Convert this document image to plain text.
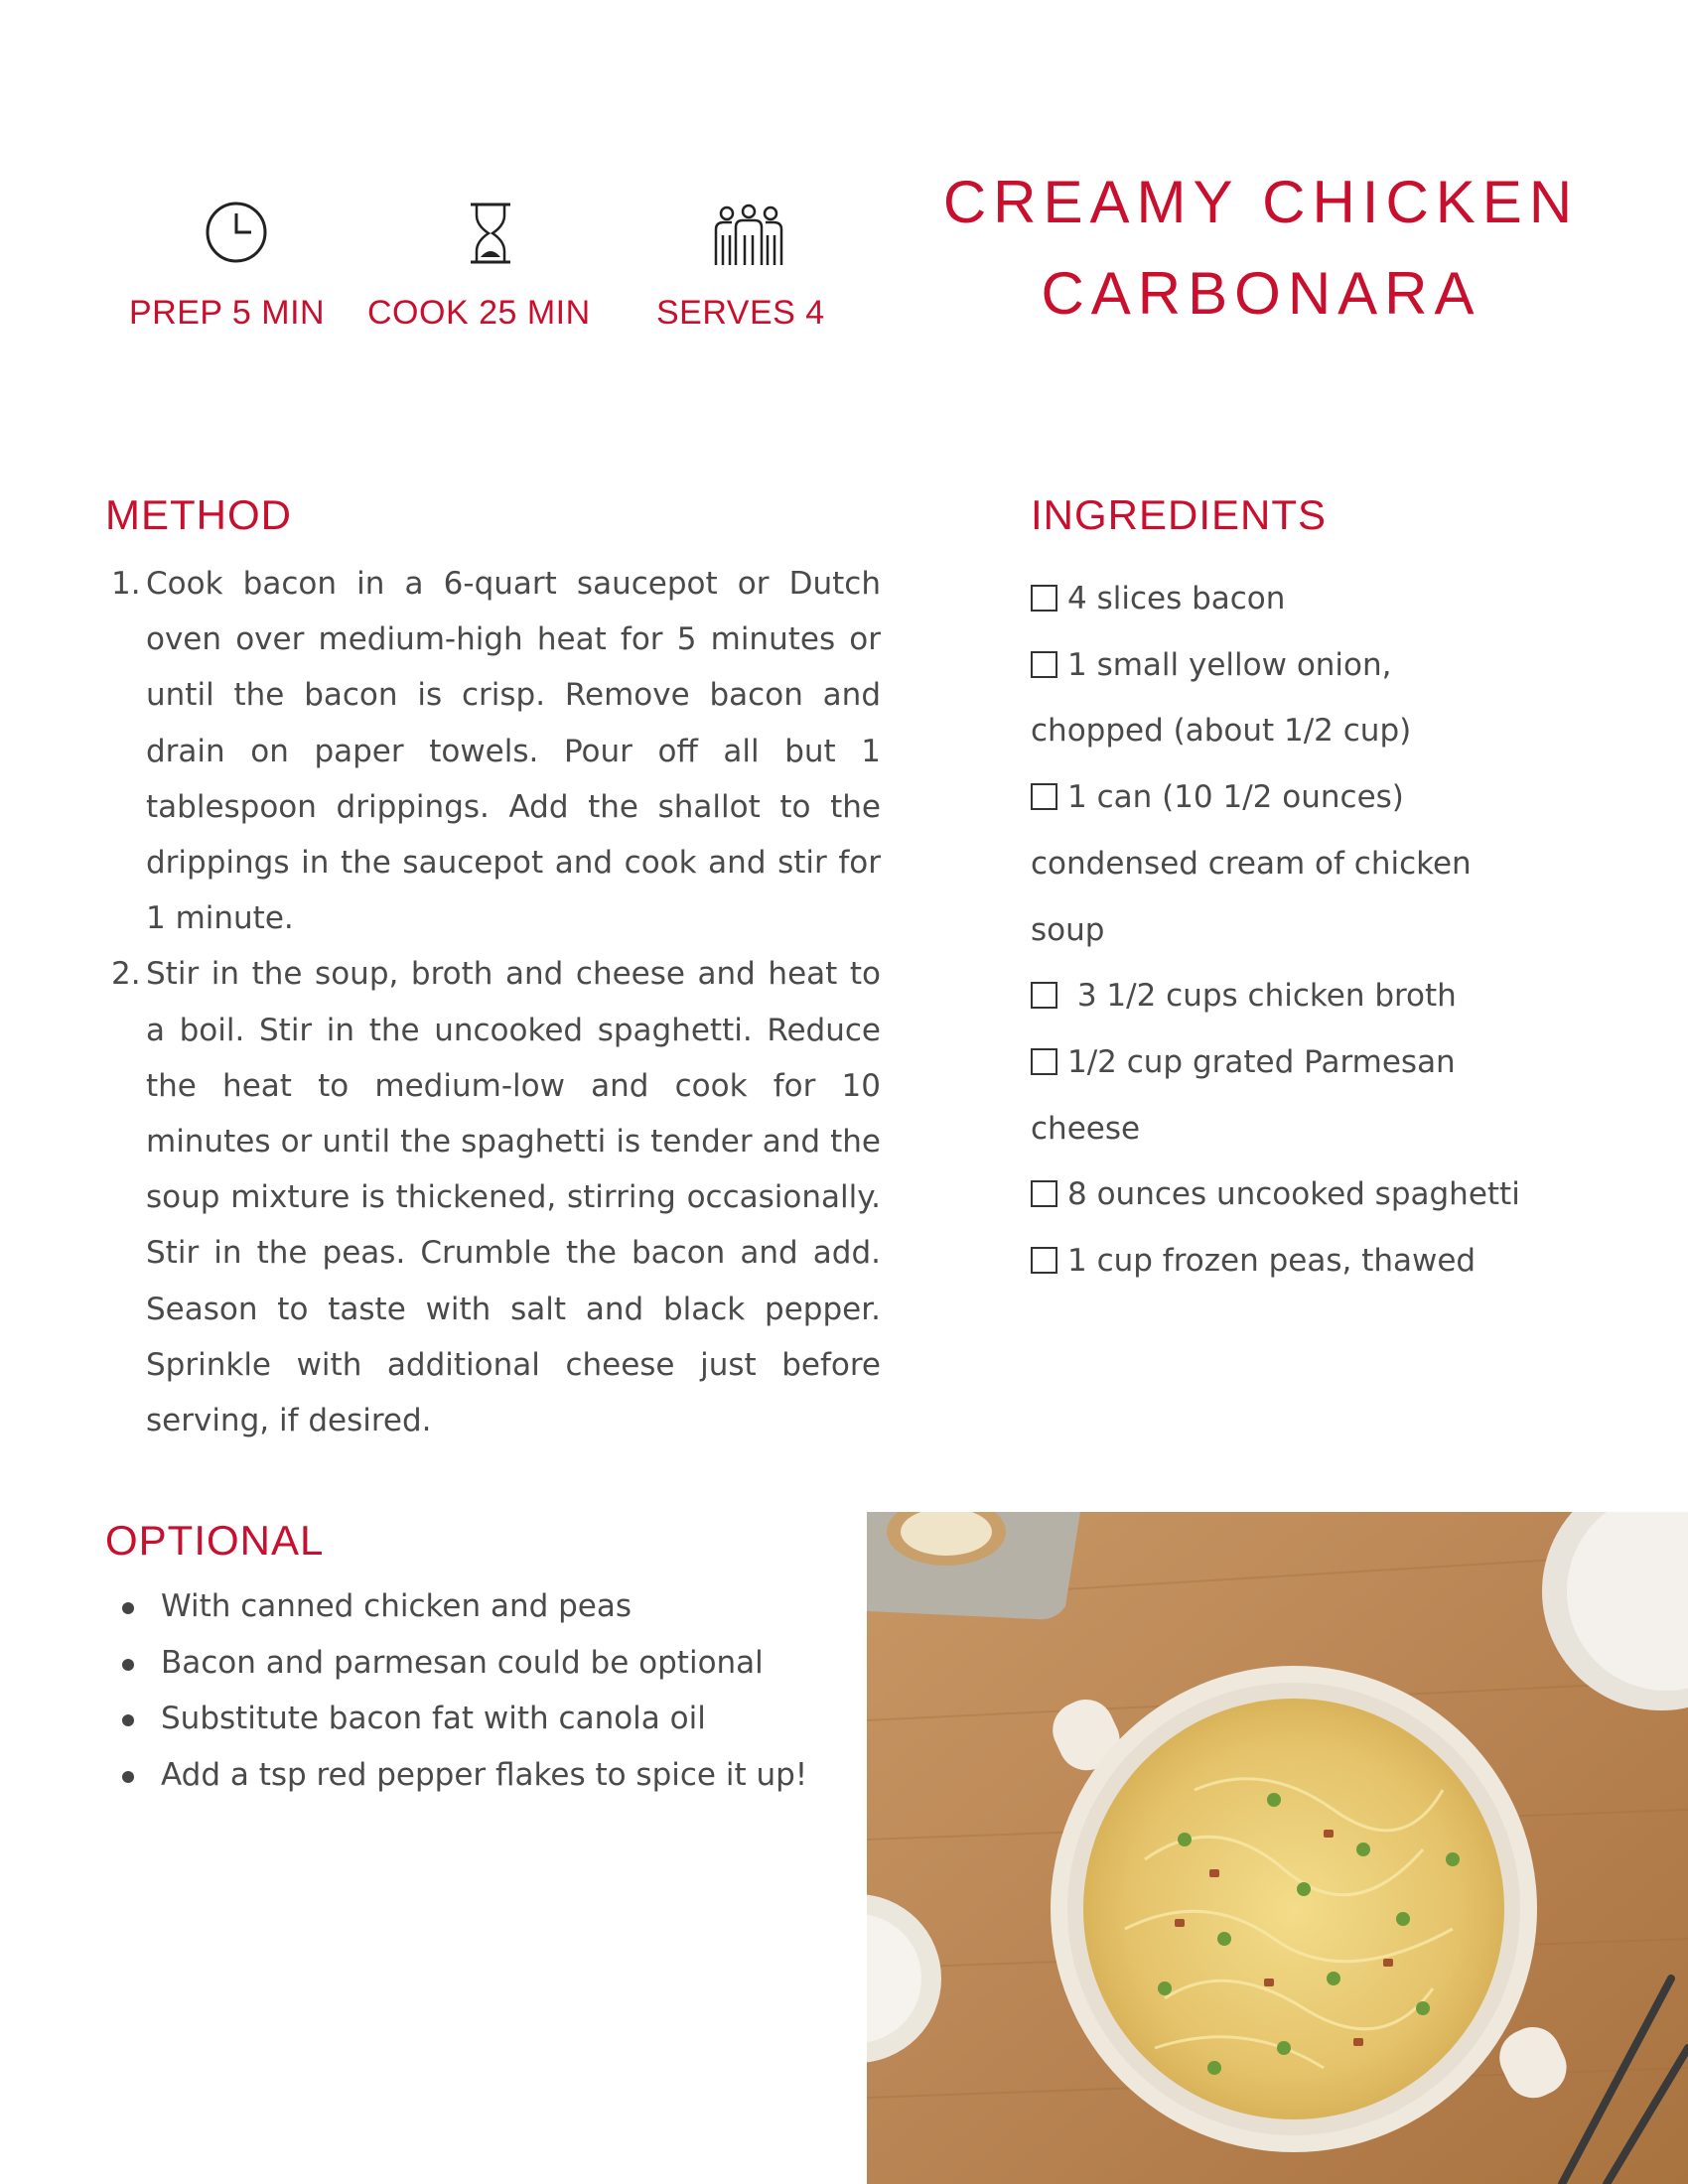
PREP 5 MIN COOK 25 MIN SERVES 4
CREAMY CHICKEN
CARBONARA
METHOD
1. Cook bacon in a 6-quart saucepot or Dutch oven over medium-high heat for 5 minutes or until the bacon is crisp. Remove bacon and drain on paper towels. Pour off all but 1 tablespoon drippings. Add the shallot to the drippings in the saucepot and cook and stir for 1 minute.
2. Stir in the soup, broth and cheese and heat to a boil. Stir in the uncooked spaghetti. Reduce the heat to medium-low and cook for 10 minutes or until the spaghetti is tender and the soup mixture is thickened, stirring occasionally. Stir in the peas. Crumble the bacon and add. Season to taste with salt and black pepper. Sprinkle with additional cheese just before serving, if desired.
INGREDIENTS
4 slices bacon
1 small yellow onion,
chopped (about 1/2 cup)
1 can (10 1/2 ounces)
condensed cream of chicken soup
3 1/2 cups chicken broth
1/2 cup grated Parmesan
cheese
8 ounces uncooked spaghetti
1 cup frozen peas, thawed
OPTIONAL
With canned chicken and peas
Bacon and parmesan could be optional
Substitute bacon fat with canola oil
Add a tsp red pepper flakes to spice it up!
